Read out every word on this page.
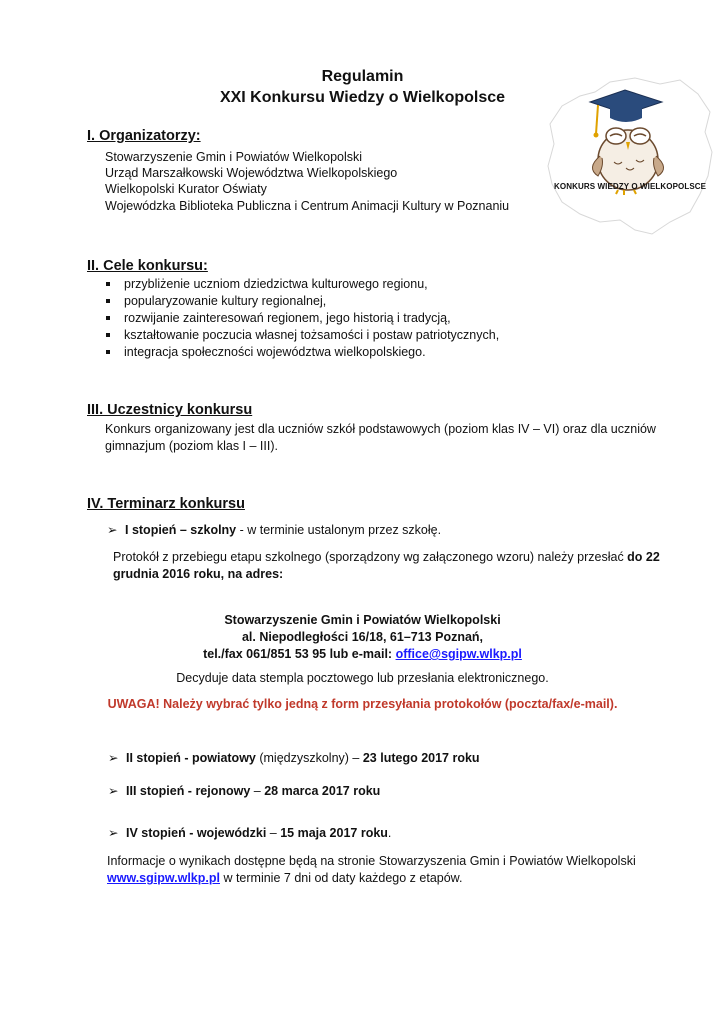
Regulamin
XXI Konkursu Wiedzy o Wielkopolsce
KONKURS WIEDZY O WIELKOPOLSCE
I. Organizatorzy:
Stowarzyszenie Gmin i Powiatów Wielkopolski
Urząd Marszałkowski Województwa Wielkopolskiego
Wielkopolski Kurator Oświaty
Wojewódzka Biblioteka Publiczna i Centrum Animacji Kultury w Poznaniu
II. Cele konkursu:
przybliżenie uczniom dziedzictwa kulturowego regionu,
popularyzowanie kultury regionalnej,
rozwijanie zainteresowań regionem, jego historią i tradycją,
kształtowanie poczucia własnej tożsamości i postaw patriotycznych,
integracja społeczności województwa wielkopolskiego.
III. Uczestnicy konkursu
Konkurs organizowany jest dla uczniów szkół podstawowych (poziom klas IV – VI) oraz dla uczniów
gimnazjum (poziom klas I – III).
IV. Terminarz konkursu
➢ I stopień – szkolny - w terminie ustalonym przez szkołę.
Protokół z przebiegu etapu szkolnego (sporządzony wg załączonego wzoru) należy przesłać do 22
grudnia 2016 roku, na adres:
Stowarzyszenie Gmin i Powiatów Wielkopolski
al. Niepodległości 16/18, 61–713 Poznań,
tel./fax 061/851 53 95 lub e-mail: office@sgipw.wlkp.pl
Decyduje data stempla pocztowego lub przesłania elektronicznego.
UWAGA! Należy wybrać tylko jedną z form przesyłania protokołów (poczta/fax/e-mail).
➢ II stopień - powiatowy (międzyszkolny) – 23 lutego 2017 roku
➢ III stopień - rejonowy – 28 marca 2017 roku
➢ IV stopień - wojewódzki – 15 maja 2017 roku.
Informacje o wynikach dostępne będą na stronie Stowarzyszenia Gmin i Powiatów Wielkopolski
www.sgipw.wlkp.pl w terminie 7 dni od daty każdego z etapów.
